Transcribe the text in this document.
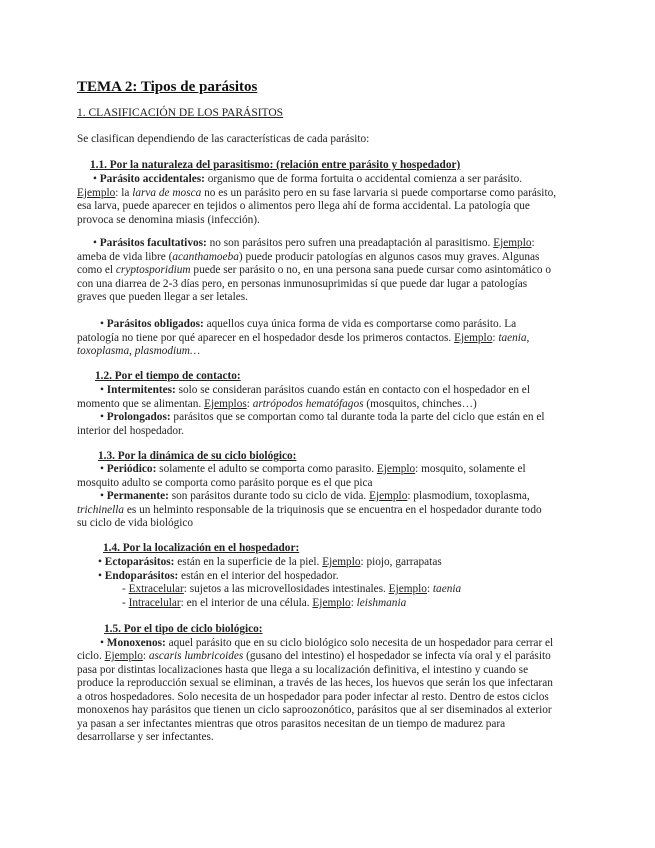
TEMA 2: Tipos de parásitos
1. CLASIFICACIÓN DE LOS PARÁSITOS
Se clasifican dependiendo de las características de cada parásito:
1.1. Por la naturaleza del parasitismo: (relación entre parásito y hospedador)
• Parásito accidentales: organismo que de forma fortuita o accidental comienza a ser parásito.
Ejemplo: la larva de mosca no es un parásito pero en su fase larvaria si puede comportarse como parásito,
esa larva, puede aparecer en tejidos o alimentos pero llega ahí de forma accidental. La patología que
provoca se denomina miasis (infección).
• Parásitos facultativos: no son parásitos pero sufren una preadaptación al parasitismo. Ejemplo:
ameba de vida libre (acanthamoeba) puede producir patologías en algunos casos muy graves. Algunas
como el cryptosporidium puede ser parásito o no, en una persona sana puede cursar como asintomático o
con una diarrea de 2-3 días pero, en personas inmunosuprimidas sí que puede dar lugar a patologías
graves que pueden llegar a ser letales.
• Parásitos obligados: aquellos cuya única forma de vida es comportarse como parásito. La
patología no tiene por qué aparecer en el hospedador desde los primeros contactos. Ejemplo: taenia,
toxoplasma, plasmodium…
1.2. Por el tiempo de contacto:
• Intermitentes: solo se consideran parásitos cuando están en contacto con el hospedador en el
momento que se alimentan. Ejemplos: artrópodos hematófagos (mosquitos, chinches…)
• Prolongados: parásitos que se comportan como tal durante toda la parte del ciclo que están en el
interior del hospedador.
1.3. Por la dinámica de su ciclo biológico:
• Periódico: solamente el adulto se comporta como parasito. Ejemplo: mosquito, solamente el
mosquito adulto se comporta como parásito porque es el que pica
• Permanente: son parásitos durante todo su ciclo de vida. Ejemplo: plasmodium, toxoplasma,
trichinella es un helminto responsable de la triquinosis que se encuentra en el hospedador durante todo
su ciclo de vida biológico
1.4. Por la localización en el hospedador:
• Ectoparásitos: están en la superficie de la piel. Ejemplo: piojo, garrapatas
• Endoparásitos: están en el interior del hospedador.
- Extracelular: sujetos a las microvellosidades intestinales. Ejemplo: taenia
- Intracelular: en el interior de una célula. Ejemplo: leishmania
1.5. Por el tipo de ciclo biológico:
• Monoxenos: aquel parásito que en su ciclo biológico solo necesita de un hospedador para cerrar el
ciclo. Ejemplo: ascaris lumbricoides (gusano del intestino) el hospedador se infecta vía oral y el parásito
pasa por distintas localizaciones hasta que llega a su localización definitiva, el intestino y cuando se
produce la reproducción sexual se eliminan, a través de las heces, los huevos que serán los que infectaran
a otros hospedadores. Solo necesita de un hospedador para poder infectar al resto. Dentro de estos ciclos
monoxenos hay parásitos que tienen un ciclo saproozonótico, parásitos que al ser diseminados al exterior
ya pasan a ser infectantes mientras que otros parasitos necesitan de un tiempo de madurez para
desarrollarse y ser infectantes.
